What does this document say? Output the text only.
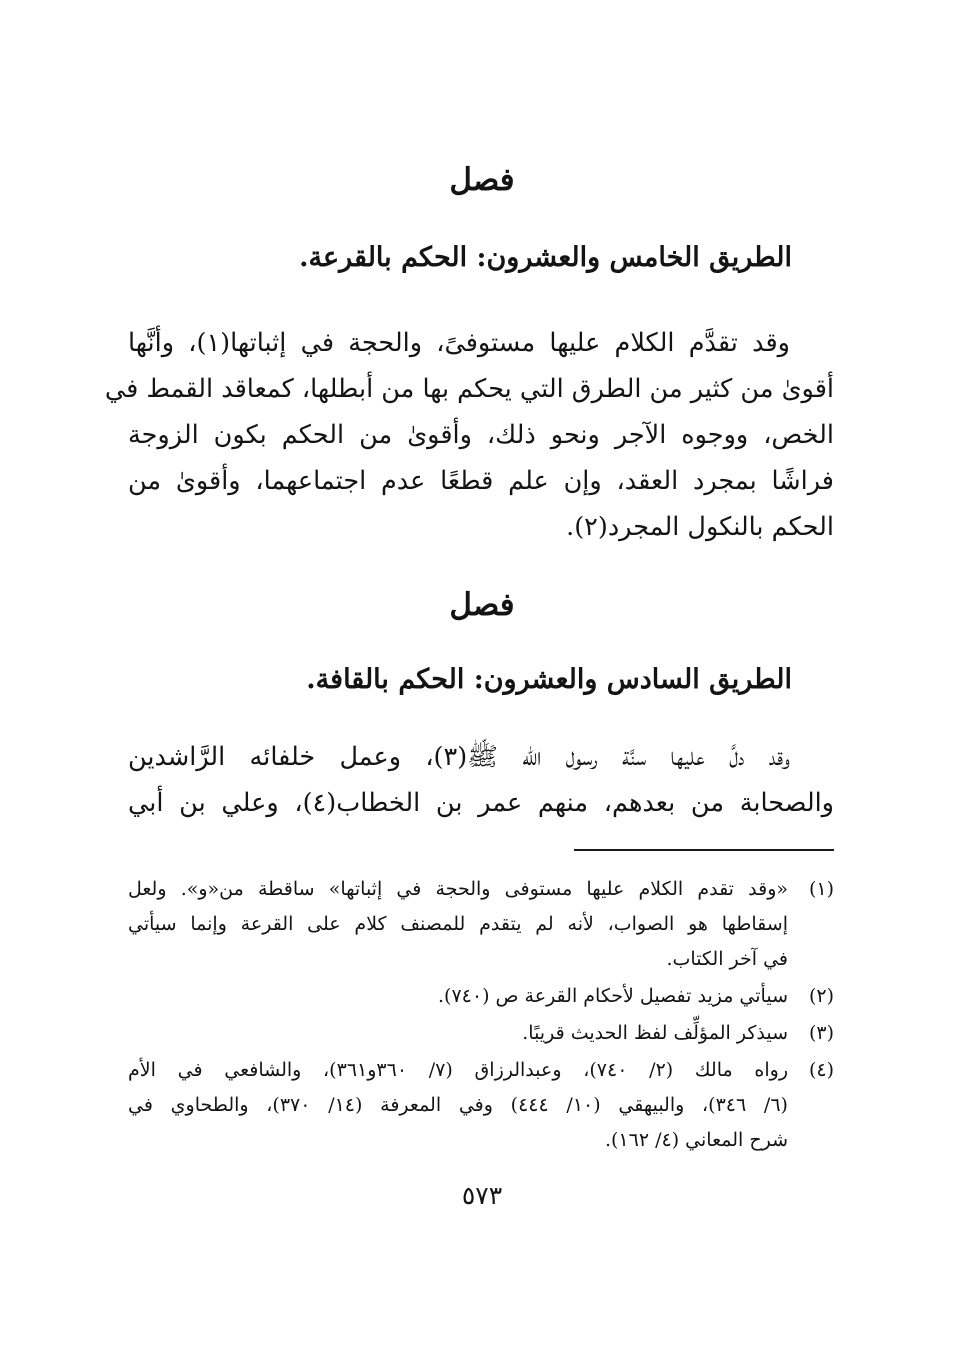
فصل
الطريق الخامس والعشرون: الحكم بالقرعة.
وقد تقدَّم الكلام عليها مستوفىً، والحجة في إثباتها(١)، وأنَّها
أقوىٰ من كثير من الطرق التي يحكم بها من أبطلها، كمعاقد القمط في
الخص، ووجوه الآجر ونحو ذلك، وأقوىٰ من الحكم بكون الزوجة
فراشًا بمجرد العقد، وإن علم قطعًا عدم اجتماعهما، وأقوىٰ من
الحكم بالنكول المجرد(٢).
فصل
الطريق السادس والعشرون: الحكم بالقافة.
وقد دلَّ عليها سنَّة رسول الله ﷺ(٣)، وعمل خلفائه الرَّاشدين
والصحابة من بعدهم، منهم عمر بن الخطاب(٤)، وعلي بن أبي
(١)
«وقد تقدم الكلام عليها مستوفى والحجة في إثباتها» ساقطة من«و». ولعل
إسقاطها هو الصواب، لأنه لم يتقدم للمصنف كلام على القرعة وإنما سيأتي
في آخر الكتاب.
(٢)
سيأتي مزيد تفصيل لأحكام القرعة ص (٧٤٠).
(٣)
سيذكر المؤلِّف لفظ الحديث قريبًا.
(٤)
رواه مالك (٢/ ٧٤٠)، وعبدالرزاق (٧/ ٣٦٠و٣٦١)، والشافعي في الأم
(٦/ ٣٤٦)، والبيهقي (١٠/ ٤٤٤) وفي المعرفة (١٤/ ٣٧٠)، والطحاوي في
شرح المعاني (٤/ ١٦٢).
٥٧٣
